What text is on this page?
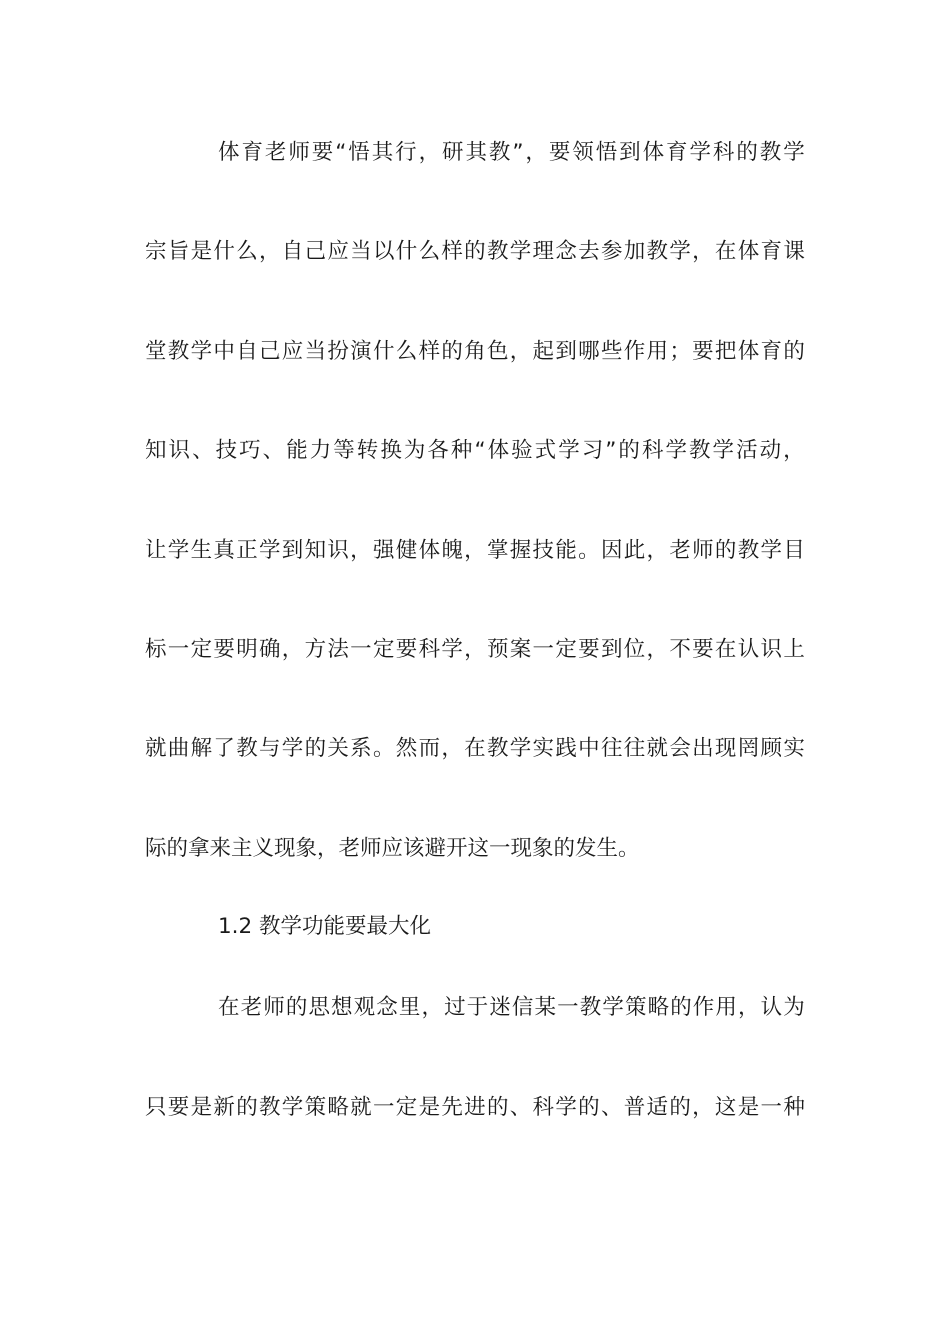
体 育 老 师 要 “ 悟 其 行 ， 研 其 教 ” ， 要 领 悟 到 体 育 学 科 的 教 学
宗 旨 是 什 么 ， 自 己 应 当 以 什 么 样 的 教 学 理 念 去 参 加 教 学 ， 在 体 育 课
堂 教 学 中 自 己 应 当 扮 演 什 么 样 的 角 色 ， 起 到 哪 些 作 用 ； 要 把 体 育 的
知 识 、 技 巧 、 能 力 等 转 换 为 各 种 “ 体 验 式 学 习 ” 的 科 学 教 学 活 动 ，
让 学 生 真 正 学 到 知 识 ， 强 健 体 魄 ， 掌 握 技 能 。 因 此 ， 老 师 的 教 学 目
标 一 定 要 明 确 ， 方 法 一 定 要 科 学 ， 预 案 一 定 要 到 位 ， 不 要 在 认 识 上
就 曲 解 了 教 与 学 的 关 系 。 然 而 ， 在 教 学 实 践 中 往 往 就 会 出 现 罔 顾 实
际的拿来主义现象，老师应该避开这一现象的发生。
1.2 教学功能要最大化
在 老 师 的 思 想 观 念 里 ， 过 于 迷 信 某 一 教 学 策 略 的 作 用 ， 认 为
只 要 是 新 的 教 学 策 略 就 一 定 是 先 进 的 、 科 学 的 、 普 适 的 ， 这 是 一 种
